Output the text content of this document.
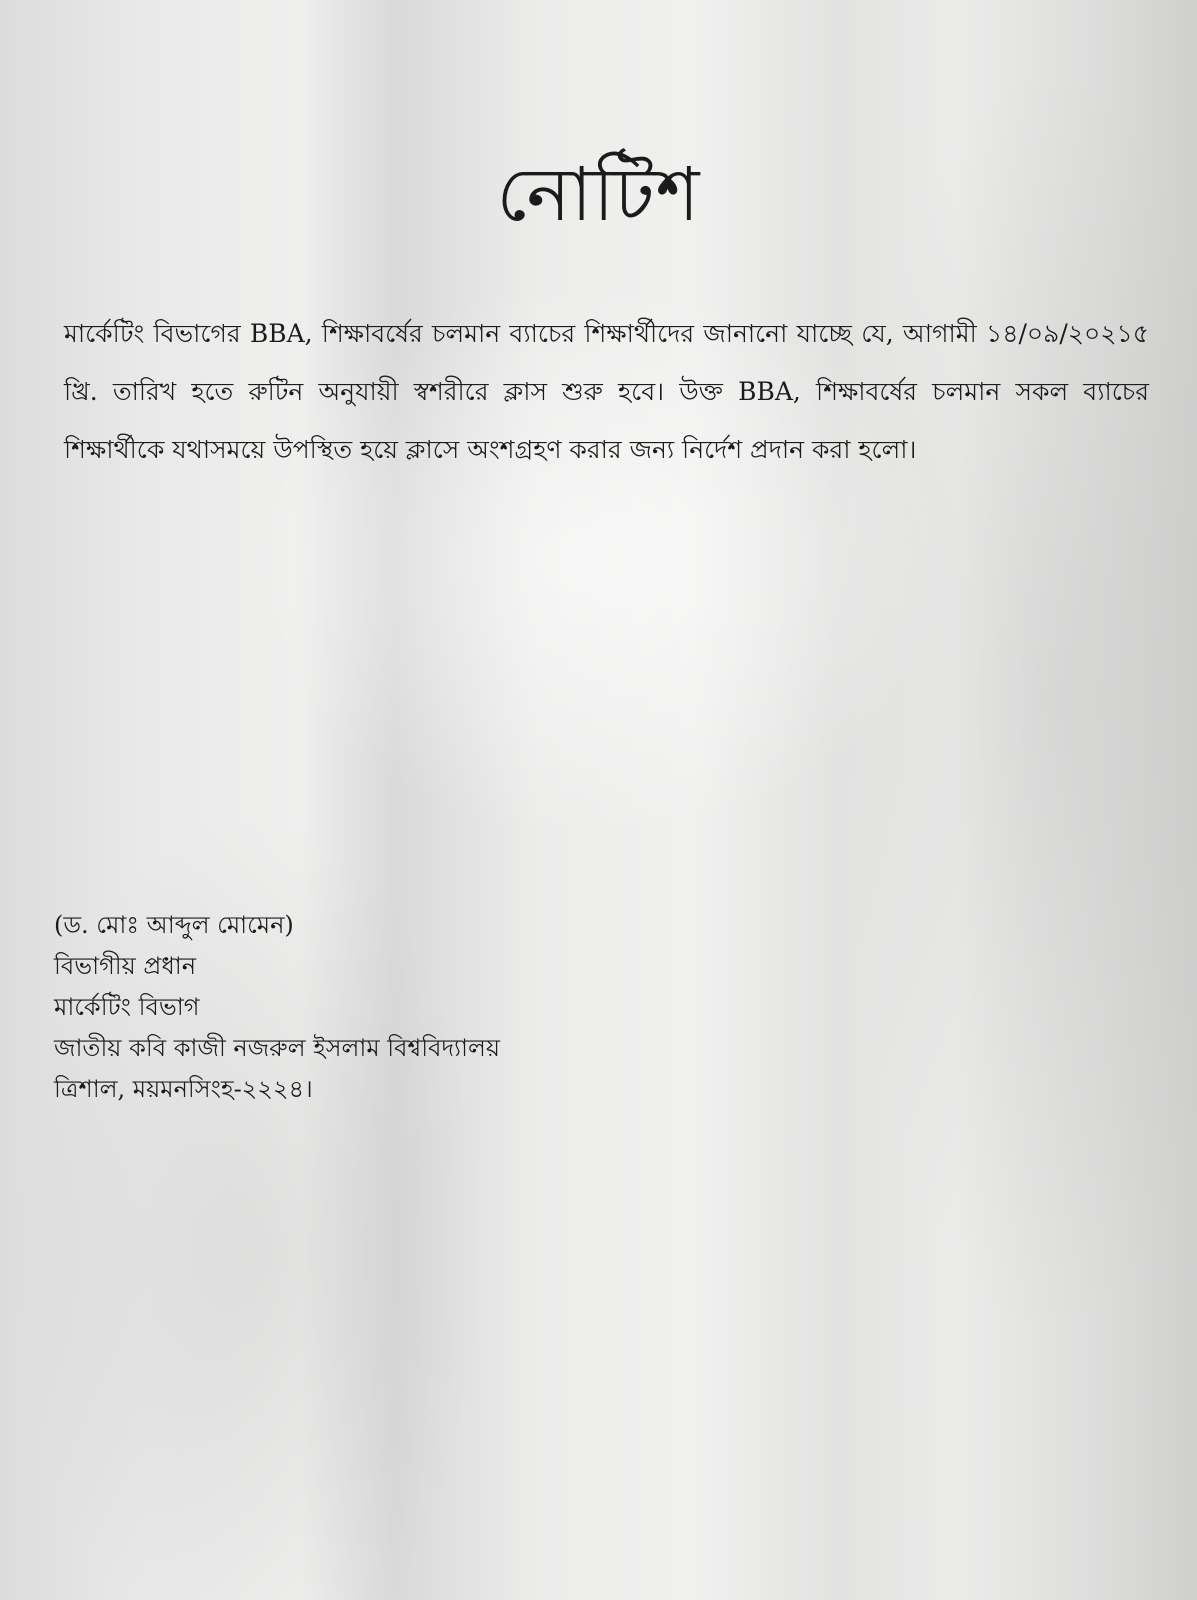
নোটিশ

মার্কেটিং বিভাগের BBA, শিক্ষাবর্ষের চলমান ব্যাচের শিক্ষার্থীদের জানানো যাচ্ছে যে, আগামী ১৪/০৯/২০২১৫ খ্রি. তারিখ হতে রুটিন অনুযায়ী স্বশরীরে ক্লাস শুরু হবে। উক্ত BBA, শিক্ষাবর্ষের চলমান সকল ব্যাচের শিক্ষার্থীকে যথাসময়ে উপস্থিত হয়ে ক্লাসে অংশগ্রহণ করার জন্য নির্দেশ প্রদান করা হলো।

(ড. মোঃ আব্দুল মোমেন)
বিভাগীয় প্রধান
মার্কেটিং বিভাগ
জাতীয় কবি কাজী নজরুল ইসলাম বিশ্ববিদ্যালয়
ত্রিশাল, ময়মনসিংহ-২২২৪।
